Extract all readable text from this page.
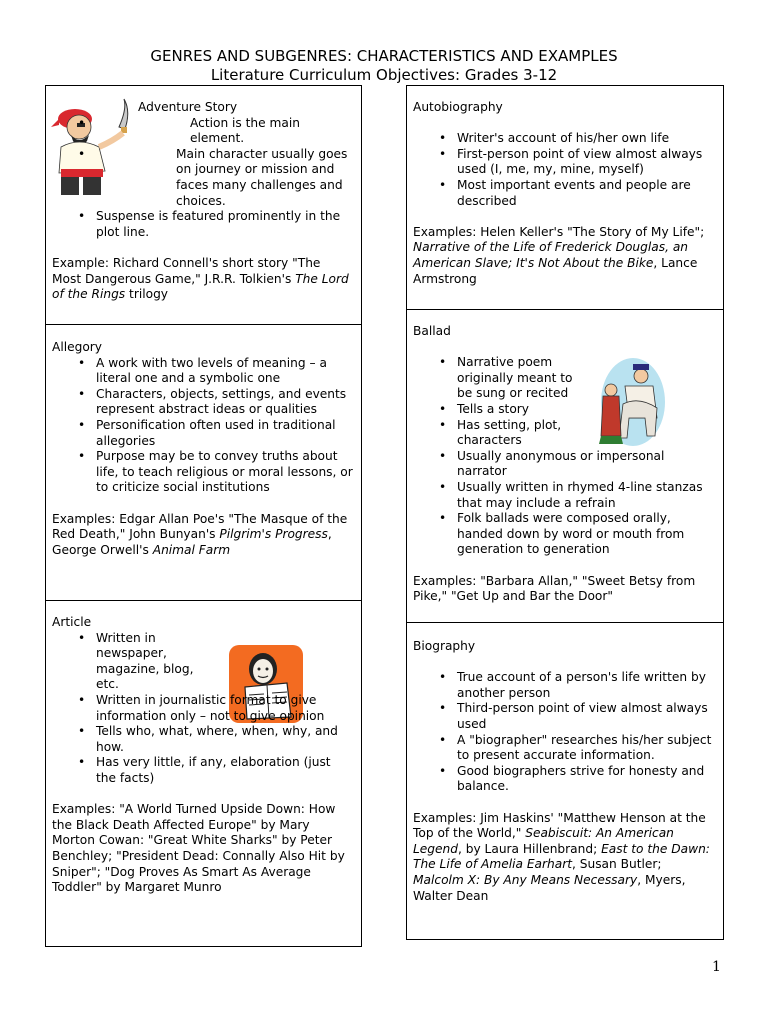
GENRES AND SUBGENRES: CHARACTERISTICS AND EXAMPLES
Literature Curriculum Objectives: Grades 3-12

Adventure Story

• Action is the main element.
• Main character usually goes on journey or mission and faces many challenges and choices.
• Suspense is featured prominently in the plot line.

Example: Richard Connell's short story "The Most Dangerous Game," J.R.R. Tolkien's The Lord of the Rings trilogy

Allegory

• A work with two levels of meaning – a literal one and a symbolic one
• Characters, objects, settings, and events represent abstract ideas or qualities
• Personification often used in traditional allegories
• Purpose may be to convey truths about life, to teach religious or moral lessons, or to criticize social institutions

Examples: Edgar Allan Poe's "The Masque of the Red Death," John Bunyan's Pilgrim's Progress, George Orwell's Animal Farm

Article

• Written in newspaper, magazine, blog, etc.
• Written in journalistic format to give information only – not to give opinion
• Tells who, what, where, when, why, and how.
• Has very little, if any, elaboration (just the facts)

Examples: "A World Turned Upside Down: How the Black Death Affected Europe" by Mary Morton Cowan: "Great White Sharks" by Peter Benchley; "President Dead: Connally Also Hit by Sniper"; "Dog Proves As Smart As Average Toddler" by Margaret Munro

Autobiography

• Writer's account of his/her own life
• First-person point of view almost always used (I, me, my, mine, myself)
• Most important events and people are described

Examples: Helen Keller's "The Story of My Life"; Narrative of the Life of Frederick Douglas, an American Slave; It's Not About the Bike, Lance Armstrong

Ballad

• Narrative poem originally meant to be sung or recited
• Tells a story
• Has setting, plot, characters
• Usually anonymous or impersonal narrator
• Usually written in rhymed 4-line stanzas that may include a refrain
• Folk ballads were composed orally, handed down by word or mouth from generation to generation

Examples: "Barbara Allan," "Sweet Betsy from Pike," "Get Up and Bar the Door"

Biography

• True account of a person's life written by another person
• Third-person point of view almost always used
• A "biographer" researches his/her subject to present accurate information.
• Good biographers strive for honesty and balance.

Examples: Jim Haskins' "Matthew Henson at the Top of the World," Seabiscuit: An American Legend, by Laura Hillenbrand; East to the Dawn: The Life of Amelia Earhart, Susan Butler; Malcolm X: By Any Means Necessary, Myers, Walter Dean

1
